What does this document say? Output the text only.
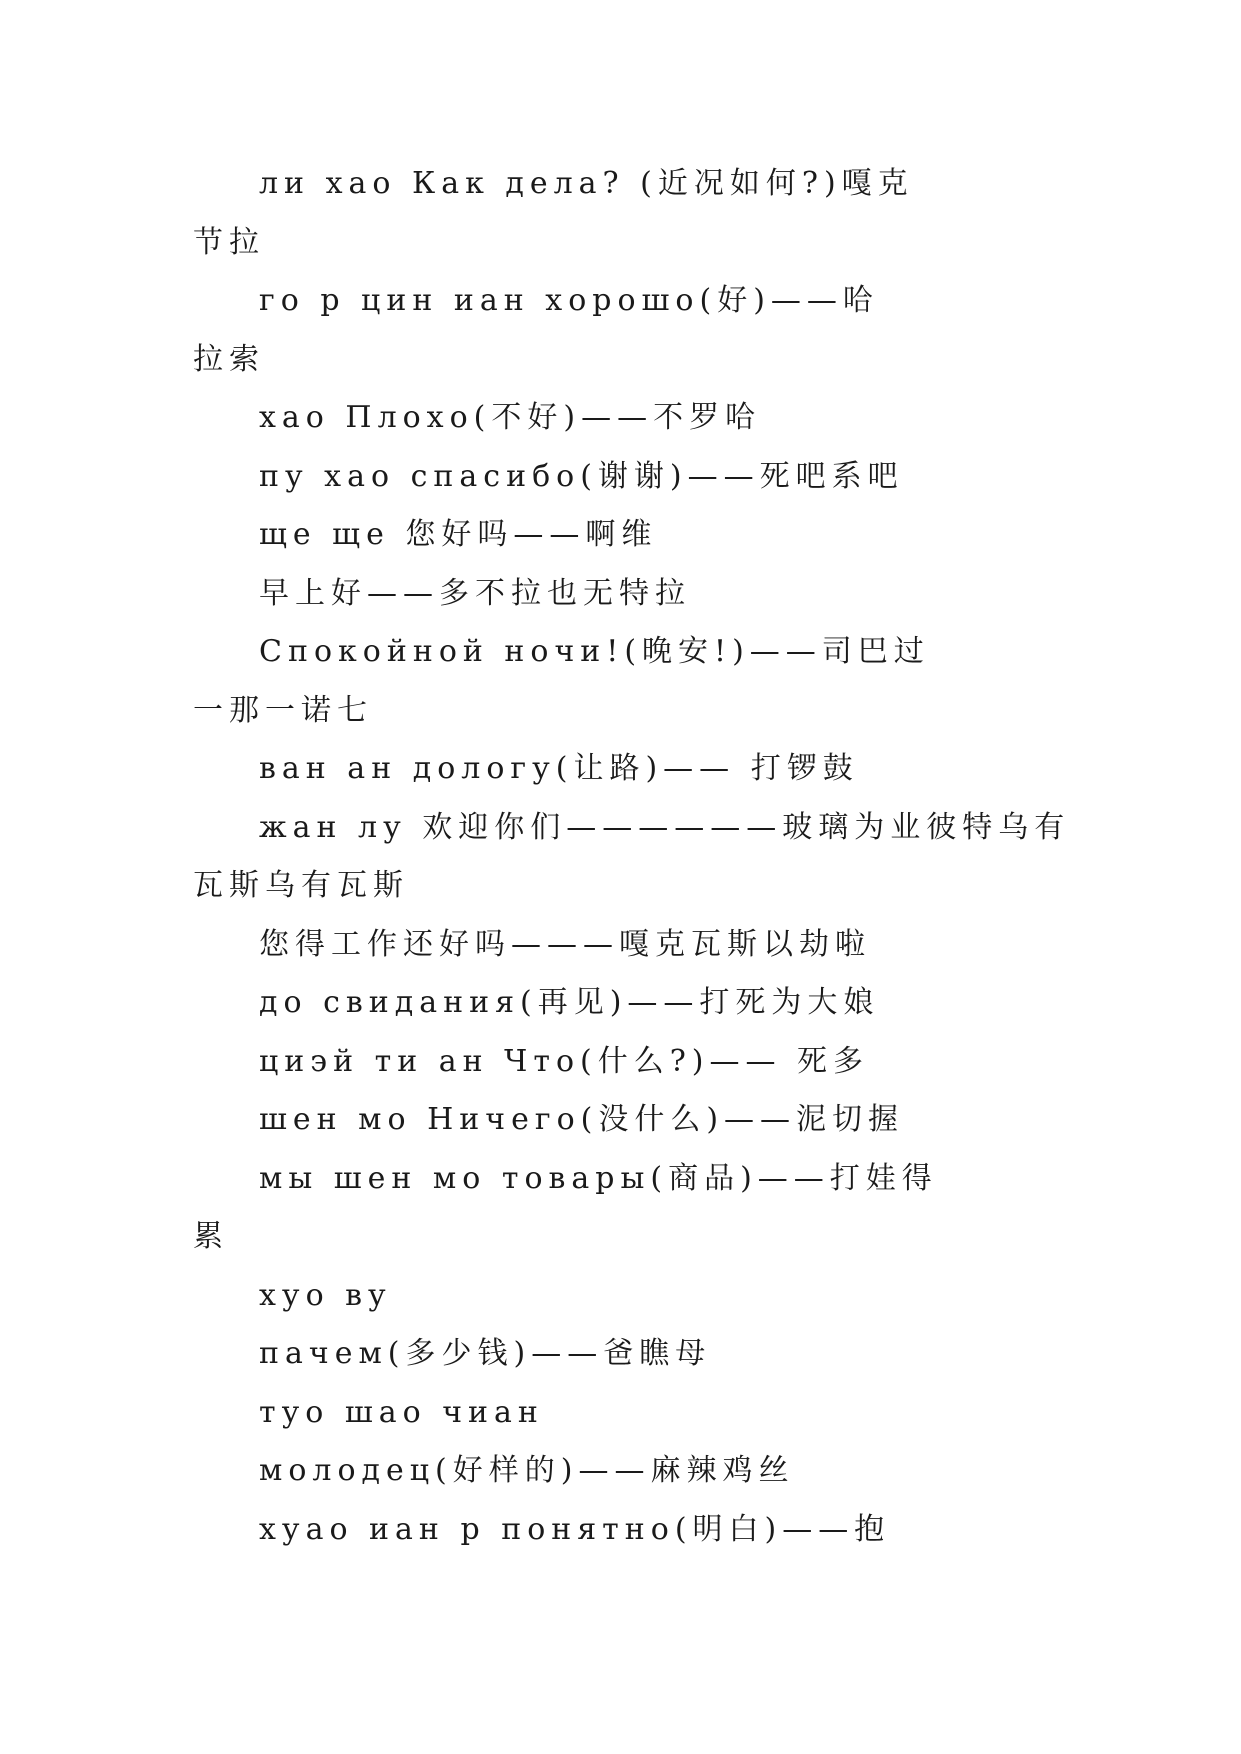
ли хао Как дела? (近况如何?)嘎克
节拉
го р цин иан хорошо(好)——哈
拉索
хао Плохо(不好)——不罗哈
пу хао спасибо(谢谢)——死吧系吧
ще ще 您好吗——啊维
早上好——多不拉也无特拉
Спокойной ночи!(晚安!)——司巴过
一那一诺七
ван ан дологу(让路)—— 打锣鼓
жан лу 欢迎你们——————玻璃为业彼特乌有
瓦斯乌有瓦斯
您得工作还好吗———嘎克瓦斯以劫啦
до свидания(再见)——打死为大娘
циэй ти ан Что(什么?)—— 死多
шен мо Ничего(没什么)——泥切握
мы шен мо товары(商品)——打娃得
累
хуо ву
пачем(多少钱)——爸瞧母
туо шао чиан
молодец(好样的)——麻辣鸡丝
хуао иан р понятно(明白)——抱
